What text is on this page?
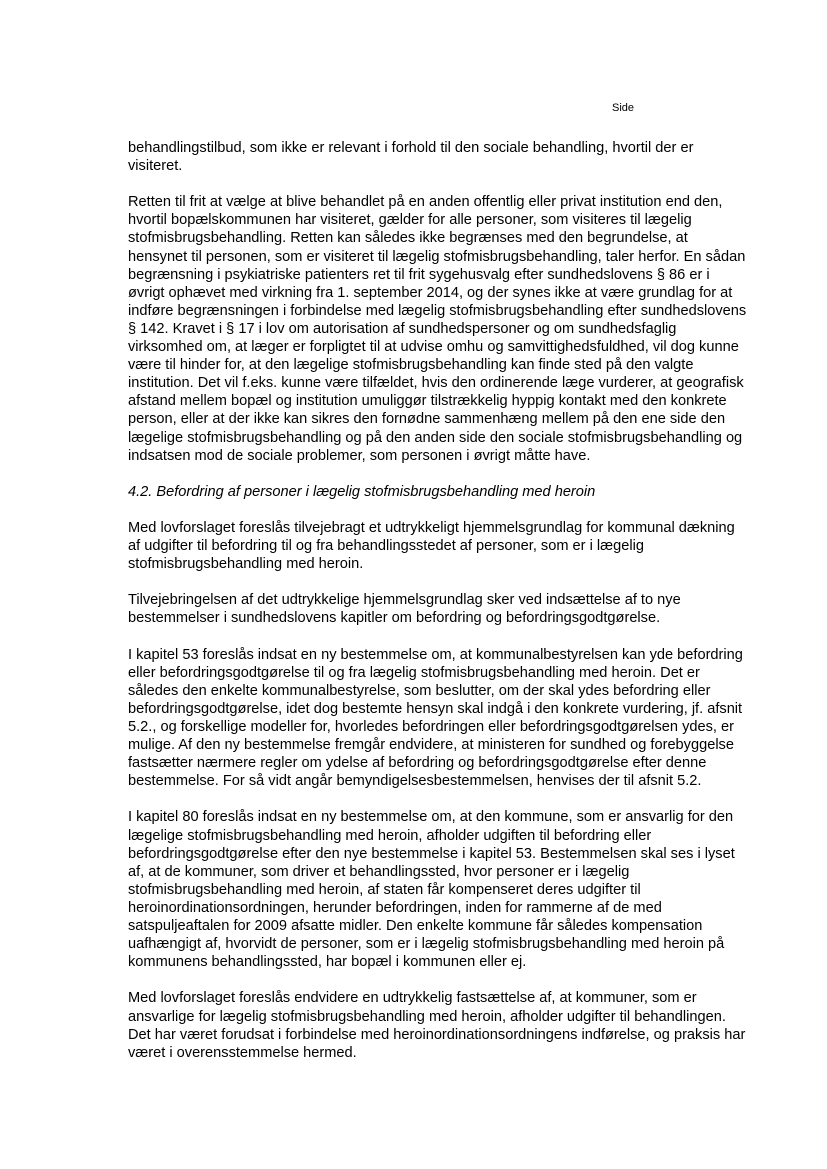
Side

behandlingstilbud, som ikke er relevant i forhold til den sociale behandling, hvortil der er visiteret.

Retten til frit at vælge at blive behandlet på en anden offentlig eller privat institution end den, hvortil bopælskommunen har visiteret, gælder for alle personer, som visiteres til lægelig stofmisbrugsbehandling. Retten kan således ikke begrænses med den begrundelse, at hensynet til personen, som er visiteret til lægelig stofmisbrugsbehandling, taler herfor. En sådan begrænsning i psykiatriske patienters ret til frit sygehusvalg efter sundhedslovens § 86 er i øvrigt ophævet med virkning fra 1. september 2014, og der synes ikke at være grundlag for at indføre begrænsningen i forbindelse med lægelig stofmisbrugsbehandling efter sundhedslovens § 142. Kravet i § 17 i lov om autorisation af sundhedspersoner og om sundhedsfaglig virksomhed om, at læger er forpligtet til at udvise omhu og samvittighedsfuldhed, vil dog kunne være til hinder for, at den lægelige stofmisbrugsbehandling kan finde sted på den valgte institution. Det vil f.eks. kunne være tilfældet, hvis den ordinerende læge vurderer, at geografisk afstand mellem bopæl og institution umuliggør tilstrækkelig hyppig kontakt med den konkrete person, eller at der ikke kan sikres den fornødne sammenhæng mellem på den ene side den lægelige stofmisbrugsbehandling og på den anden side den sociale stofmisbrugsbehandling og indsatsen mod de sociale problemer, som personen i øvrigt måtte have.

4.2. Befordring af personer i lægelig stofmisbrugsbehandling med heroin

Med lovforslaget foreslås tilvejebragt et udtrykkeligt hjemmelsgrundlag for kommunal dækning af udgifter til befordring til og fra behandlingsstedet af personer, som er i lægelig stofmisbrugsbehandling med heroin.

Tilvejebringelsen af det udtrykkelige hjemmelsgrundlag sker ved indsættelse af to nye bestemmelser i sundhedslovens kapitler om befordring og befordringsgodtgørelse.

I kapitel 53 foreslås indsat en ny bestemmelse om, at kommunalbestyrelsen kan yde befordring eller befordringsgodtgørelse til og fra lægelig stofmisbrugsbehandling med heroin. Det er således den enkelte kommunalbestyrelse, som beslutter, om der skal ydes befordring eller befordringsgodtgørelse, idet dog bestemte hensyn skal indgå i den konkrete vurdering, jf. afsnit 5.2., og forskellige modeller for, hvorledes befordringen eller befordringsgodtgørelsen ydes, er mulige. Af den ny bestemmelse fremgår endvidere, at ministeren for sundhed og forebyggelse fastsætter nærmere regler om ydelse af befordring og befordringsgodtgørelse efter denne bestemmelse. For så vidt angår bemyndigelsesbestemmelsen, henvises der til afsnit 5.2.

I kapitel 80 foreslås indsat en ny bestemmelse om, at den kommune, som er ansvarlig for den lægelige stofmisbrugsbehandling med heroin, afholder udgiften til befordring eller befordringsgodtgørelse efter den nye bestemmelse i kapitel 53. Bestemmelsen skal ses i lyset af, at de kommuner, som driver et behandlingssted, hvor personer er i lægelig stofmisbrugsbehandling med heroin, af staten får kompenseret deres udgifter til heroinordinationsordningen, herunder befordringen, inden for rammerne af de med satspuljeaftalen for 2009 afsatte midler. Den enkelte kommune får således kompensation uafhængigt af, hvorvidt de personer, som er i lægelig stofmisbrugsbehandling med heroin på kommunens behandlingssted, har bopæl i kommunen eller ej.

Med lovforslaget foreslås endvidere en udtrykkelig fastsættelse af, at kommuner, som er ansvarlige for lægelig stofmisbrugsbehandling med heroin, afholder udgifter til behandlingen. Det har været forudsat i forbindelse med heroinordinationsordningens indførelse, og praksis har været i overensstemmelse hermed.
